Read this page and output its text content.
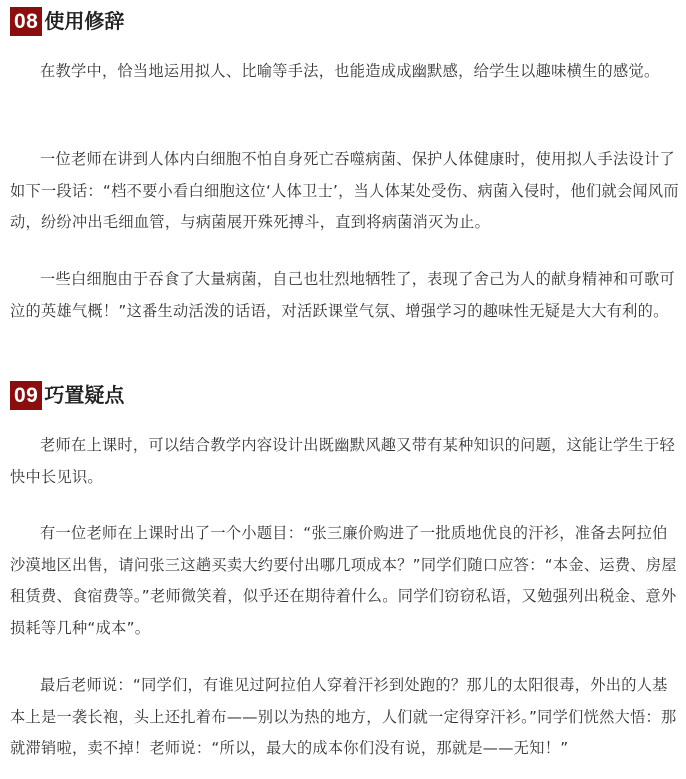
08 使用修辞

在教学中，恰当地运用拟人、比喻等手法，也能造成成幽默感，给学生以趣味横生的感觉。

一位老师在讲到人体内白细胞不怕自身死亡吞噬病菌、保护人体健康时，使用拟人手法设计了如下一段话：“档不要小看白细胞这位‘人体卫士’，当人体某处受伤、病菌入侵时，他们就会闻风而动，纷纷冲出毛细血管，与病菌展开殊死搏斗，直到将病菌消灭为止。

一些白细胞由于吞食了大量病菌，自己也壮烈地牺牲了，表现了舍己为人的献身精神和可歌可泣的英雄气概！”这番生动活泼的话语，对活跃课堂气氛、增强学习的趣味性无疑是大大有利的。

09 巧置疑点

老师在上课时，可以结合教学内容设计出既幽默风趣又带有某种知识的问题，这能让学生于轻快中长见识。

有一位老师在上课时出了一个小题目：“张三廉价购进了一批质地优良的汗衫，准备去阿拉伯沙漠地区出售，请问张三这趟买卖大约要付出哪几项成本？”同学们随口应答：“本金、运费、房屋租赁费、食宿费等。”老师微笑着，似乎还在期待着什么。同学们窃窃私语，又勉强列出税金、意外损耗等几种“成本”。

最后老师说：“同学们，有谁见过阿拉伯人穿着汗衫到处跑的？那儿的太阳很毒，外出的人基本上是一袭长袍，头上还扎着布——别以为热的地方，人们就一定得穿汗衫。”同学们恍然大悟：那就滞销啦，卖不掉！老师说：“所以，最大的成本你们没有说，那就是——无知！”
